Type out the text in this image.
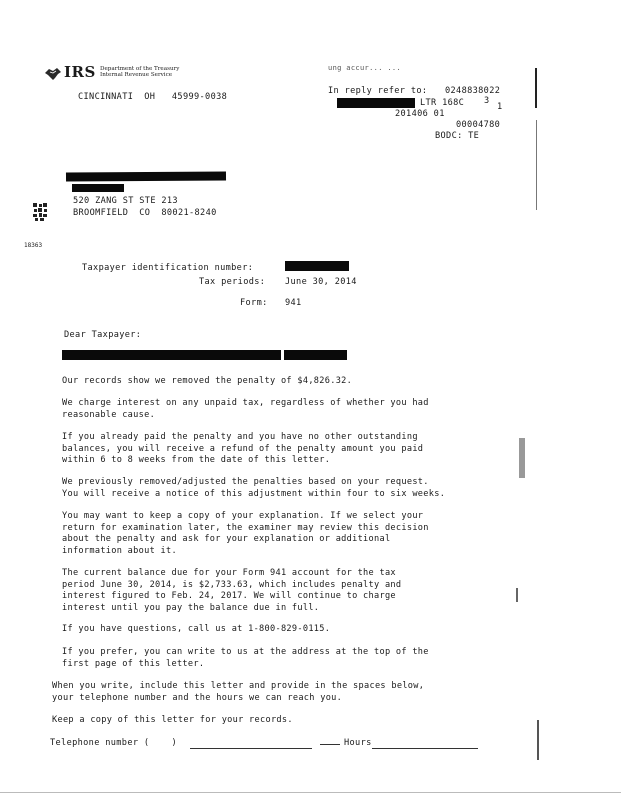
IRS Department of the Treasury
Internal Revenue Service
CINCINNATI  OH   45999-0038
ung accur... ...
In reply refer to: 0248838022
LTR 168C 3
1
201406 01
00004780
BODC: TE
520 ZANG ST STE 213
BROOMFIELD  CO  80021-8240
18363
Taxpayer identification number:
Tax periods: June 30, 2014
Form: 941
Dear Taxpayer:
Our records show we removed the penalty of $4,826.32.
We charge interest on any unpaid tax, regardless of whether you had
reasonable cause.
If you already paid the penalty and you have no other outstanding
balances, you will receive a refund of the penalty amount you paid
within 6 to 8 weeks from the date of this letter.
We previously removed/adjusted the penalties based on your request.
You will receive a notice of this adjustment within four to six weeks.
You may want to keep a copy of your explanation. If we select your
return for examination later, the examiner may review this decision
about the penalty and ask for your explanation or additional
information about it.
The current balance due for your Form 941 account for the tax
period June 30, 2014, is $2,733.63, which includes penalty and
interest figured to Feb. 24, 2017. We will continue to charge
interest until you pay the balance due in full.
If you have questions, call us at 1-800-829-0115.
If you prefer, you can write to us at the address at the top of the
first page of this letter.
When you write, include this letter and provide in the spaces below,
your telephone number and the hours we can reach you.
Keep a copy of this letter for your records.
Telephone number (    )	Hours
